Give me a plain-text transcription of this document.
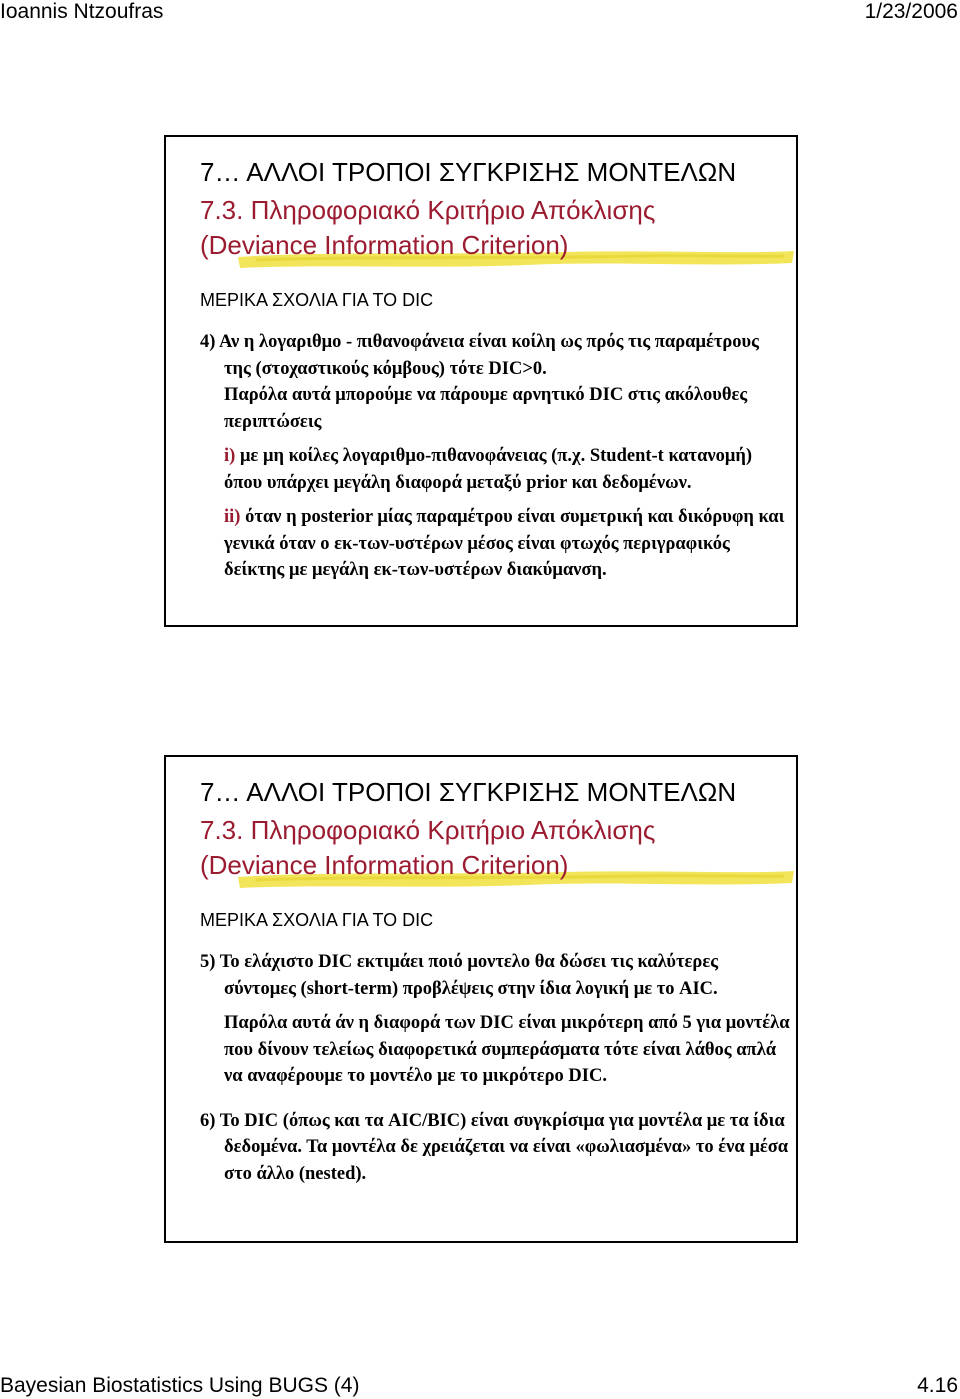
Ioannis Ntzoufras	1/23/2006
7… ΑΛΛΟΙ ΤΡΟΠΟΙ ΣΥΓΚΡΙΣΗΣ ΜΟΝΤΕΛΩΝ
7.3. Πληροφοριακό Κριτήριο Απόκλισης
(Deviance Information Criterion)
ΜΕΡΙΚΑ ΣΧΟΛΙΑ ΓΙΑ ΤΟ DIC

4) Αν η λογαριθμο - πιθανοφάνεια είναι κοίλη ως πρός τις παραμέτρους της (στοχαστικούς κόμβους) τότε DIC>0.

Παρόλα αυτά μπορούμε να πάρουμε αρνητικό DIC στις ακόλουθες περιπτώσεις

i) με μη κοίλες λογαριθμο-πιθανοφάνειας (π.χ. Student-t κατανομή) όπου υπάρχει μεγάλη διαφορά μεταξύ prior και δεδομένων.

ii) όταν η posterior μίας παραμέτρου είναι συμετρική και δικόρυφη και γενικά όταν ο εκ-των-υστέρων μέσος είναι φτωχός περιγραφικός δείκτης με μεγάλη εκ-των-υστέρων διακύμανση.

7… ΑΛΛΟΙ ΤΡΟΠΟΙ ΣΥΓΚΡΙΣΗΣ ΜΟΝΤΕΛΩΝ
7.3. Πληροφοριακό Κριτήριο Απόκλισης
(Deviance Information Criterion)
ΜΕΡΙΚΑ ΣΧΟΛΙΑ ΓΙΑ ΤΟ DIC

5) Το ελάχιστο DIC εκτιμάει ποιό μοντελο θα δώσει τις καλύτερες σύντομες (short-term) προβλέψεις στην ίδια λογική με το AIC.

Παρόλα αυτά άν η διαφορά των DIC είναι μικρότερη από 5 για μοντέλα που δίνουν τελείως διαφορετικά συμπεράσματα τότε είναι λάθος απλά να αναφέρουμε το μοντέλο με το μικρότερο DIC.

6) Το DIC (όπως και τα AIC/BIC) είναι συγκρίσιμα για μοντέλα με τα ίδια δεδομένα. Τα μοντέλα δε χρειάζεται να είναι «φωλιασμένα» το ένα μέσα στο άλλο (nested).

Bayesian Biostatistics Using BUGS (4)	4.16
